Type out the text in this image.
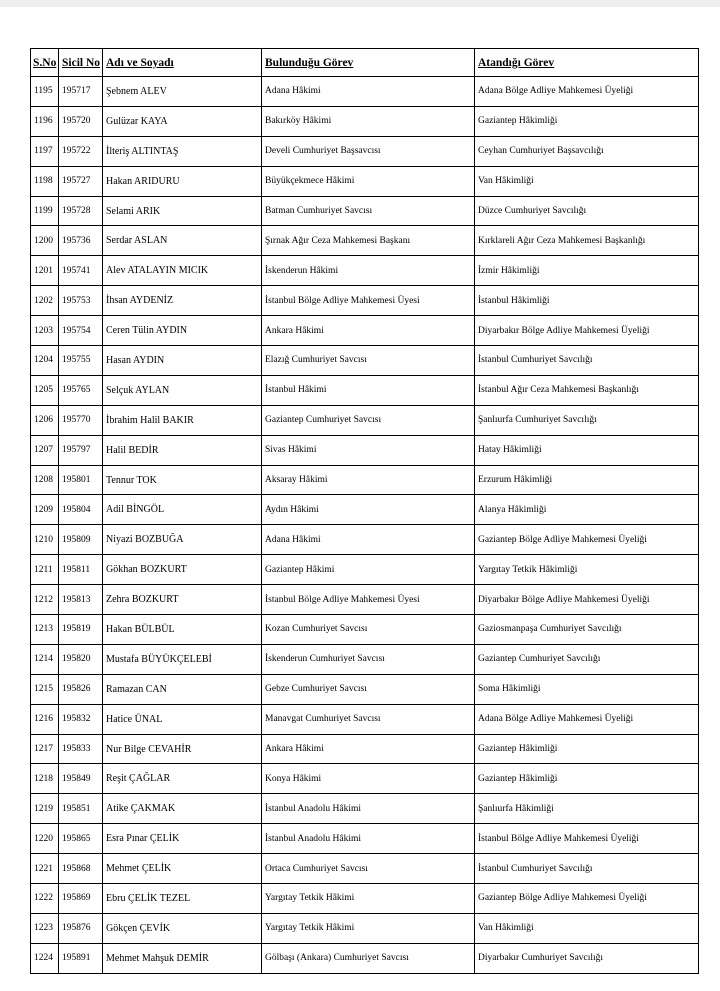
S.No	Sicil No	Adı ve Soyadı	Bulunduğu Görev	Atandığı Görev
1195	195717	Şebnem ALEV	Adana Hâkimi	Adana Bölge Adliye Mahkemesi Üyeliği
1196	195720	Gulüzar KAYA	Bakırköy Hâkimi	Gaziantep Hâkimliği
1197	195722	İlteriş ALTINTAŞ	Develi Cumhuriyet Başsavcısı	Ceyhan Cumhuriyet Başsavcılığı
1198	195727	Hakan ARIDURU	Büyükçekmece Hâkimi	Van Hâkimliği
1199	195728	Selami ARIK	Batman Cumhuriyet Savcısı	Düzce Cumhuriyet Savcılığı
1200	195736	Serdar ASLAN	Şırnak Ağır Ceza Mahkemesi Başkanı	Kırklareli Ağır Ceza Mahkemesi Başkanlığı
1201	195741	Alev ATALAYIN MICIK	İskenderun Hâkimi	İzmir Hâkimliği
1202	195753	İhsan AYDENİZ	İstanbul Bölge Adliye Mahkemesi Üyesi	İstanbul Hâkimliği
1203	195754	Ceren Tülin AYDIN	Ankara Hâkimi	Diyarbakır Bölge Adliye Mahkemesi Üyeliği
1204	195755	Hasan AYDIN	Elazığ Cumhuriyet Savcısı	İstanbul Cumhuriyet Savcılığı
1205	195765	Selçuk AYLAN	İstanbul Hâkimi	İstanbul Ağır Ceza Mahkemesi Başkanlığı
1206	195770	İbrahim Halil BAKIR	Gaziantep Cumhuriyet Savcısı	Şanlıurfa Cumhuriyet Savcılığı
1207	195797	Halil BEDİR	Sivas Hâkimi	Hatay Hâkimliği
1208	195801	Tennur TOK	Aksaray Hâkimi	Erzurum Hâkimliği
1209	195804	Adil BİNGÖL	Aydın Hâkimi	Alanya Hâkimliği
1210	195809	Niyazi BOZBUĞA	Adana Hâkimi	Gaziantep Bölge Adliye Mahkemesi Üyeliği
1211	195811	Gökhan BOZKURT	Gaziantep Hâkimi	Yargıtay Tetkik Hâkimliği
1212	195813	Zehra BOZKURT	İstanbul Bölge Adliye Mahkemesi Üyesi	Diyarbakır Bölge Adliye Mahkemesi Üyeliği
1213	195819	Hakan BÜLBÜL	Kozan Cumhuriyet Savcısı	Gaziosmanpaşa Cumhuriyet Savcılığı
1214	195820	Mustafa BÜYÜKÇELEBİ	İskenderun Cumhuriyet Savcısı	Gaziantep Cumhuriyet Savcılığı
1215	195826	Ramazan CAN	Gebze Cumhuriyet Savcısı	Soma Hâkimliği
1216	195832	Hatice ÜNAL	Manavgat Cumhuriyet Savcısı	Adana Bölge Adliye Mahkemesi Üyeliği
1217	195833	Nur Bilge CEVAHİR	Ankara Hâkimi	Gaziantep Hâkimliği
1218	195849	Reşit ÇAĞLAR	Konya Hâkimi	Gaziantep Hâkimliği
1219	195851	Atike ÇAKMAK	İstanbul Anadolu Hâkimi	Şanlıurfa Hâkimliği
1220	195865	Esra Pınar ÇELİK	İstanbul Anadolu Hâkimi	İstanbul Bölge Adliye Mahkemesi Üyeliği
1221	195868	Mehmet ÇELİK	Ortaca Cumhuriyet Savcısı	İstanbul Cumhuriyet Savcılığı
1222	195869	Ebru ÇELİK TEZEL	Yargıtay Tetkik Hâkimi	Gaziantep Bölge Adliye Mahkemesi Üyeliği
1223	195876	Gökçen ÇEVİK	Yargıtay Tetkik Hâkimi	Van Hâkimliği
1224	195891	Mehmet Mahşuk DEMİR	Gölbaşı (Ankara) Cumhuriyet Savcısı	Diyarbakır Cumhuriyet Savcılığı
